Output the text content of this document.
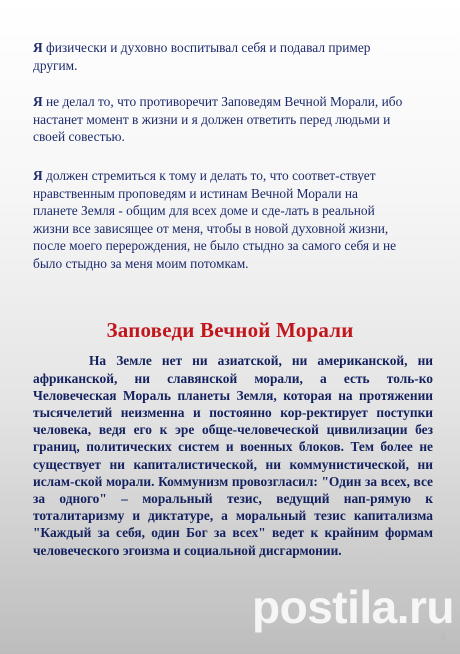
Я физически и духовно воспитывал себя и подавал пример другим.

Я не делал то, что противоречит Заповедям Вечной Морали, ибо настанет момент в жизни и я должен ответить перед людьми и своей совестью.

Я должен стремиться к тому и делать то, что соответ-ствует нравственным проповедям и истинам Вечной Морали на планете Земля - общим для всех доме и сде-лать в реальной жизни все зависящее от меня, чтобы в новой духовной жизни, после моего перерождения, не было стыдно за самого себя и не было стыдно за меня моим потомкам.

Заповеди Вечной Морали

На Земле нет ни азиатской, ни американской, ни африканской, ни славянской морали, а есть толь-ко Человеческая Мораль планеты Земля, которая на протяжении тысячелетий неизменна и постоянно кор-ректирует поступки человека, ведя его к эре обще-человеческой цивилизации без границ, политических систем и военных блоков. Тем более не существует ни капиталистической, ни коммунистической, ни ислам-ской морали. Коммунизм провозгласил: "Один за всех, все за одного" – моральный тезис, ведущий нап-рямую к тоталитаризму и диктатуре, а моральный тезис капитализма "Каждый за себя, один Бог за всех" ведет к крайним формам человеческого эгоизма и социальной дисгармонии.

postila.ru
5
